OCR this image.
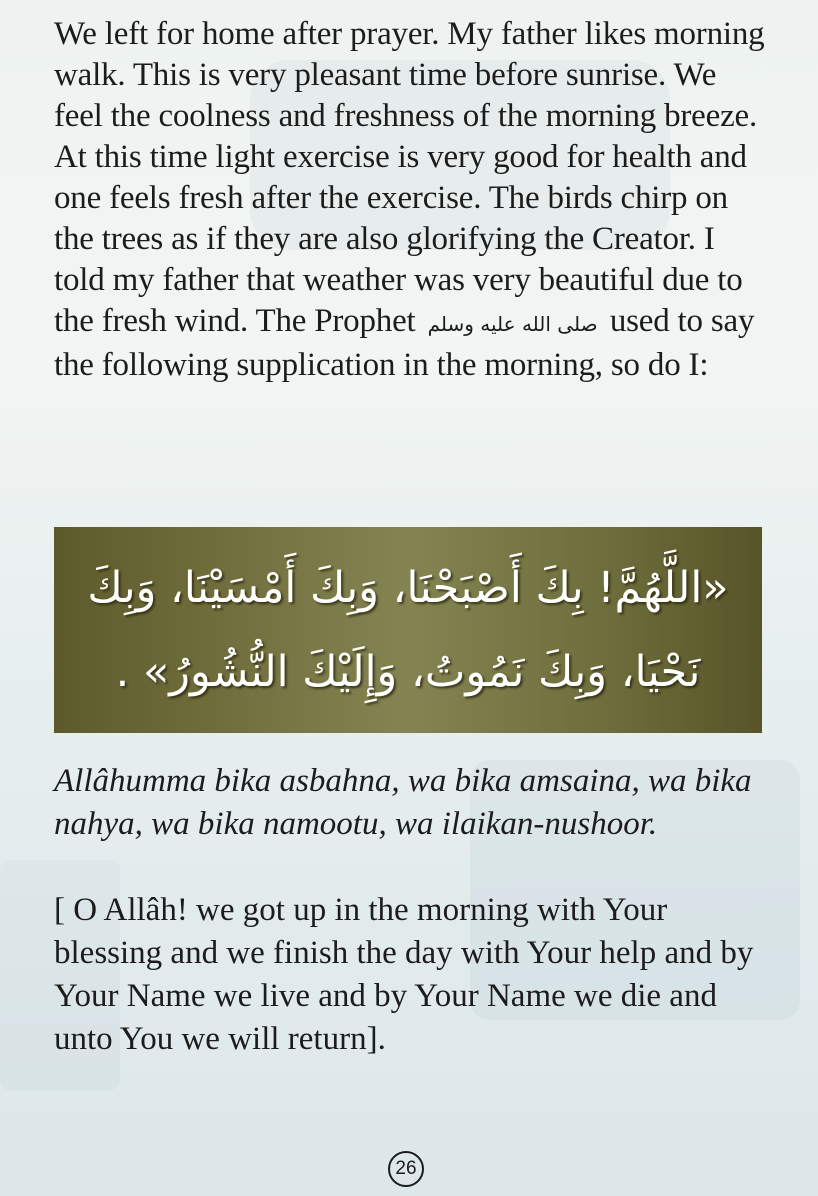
We left for home after prayer. My father likes morning walk. This is very pleasant time before sunrise. We feel the coolness and freshness of the morning breeze. At this time light exercise is very good for health and one feels fresh after the exercise. The birds chirp on the trees as if they are also glorifying the Creator. I told my father that weather was very beautiful due to the fresh wind. The Prophet صلى الله عليه وسلم used to say the following supplication in the morning, so do I:

«اللَّهُمَّ! بِكَ أَصْبَحْنَا، وَبِكَ أَمْسَيْنَا، وَبِكَ
نَحْيَا، وَبِكَ نَمُوتُ، وَإِلَيْكَ النُّشُورُ» .

Allâhumma bika asbahna, wa bika amsaina, wa bika nahya, wa bika namootu, wa ilaikan-nushoor.

[ O Allâh! we got up in the morning with Your blessing and we finish the day with Your help and by Your Name we live and by Your Name we die and unto You we will return].

26
